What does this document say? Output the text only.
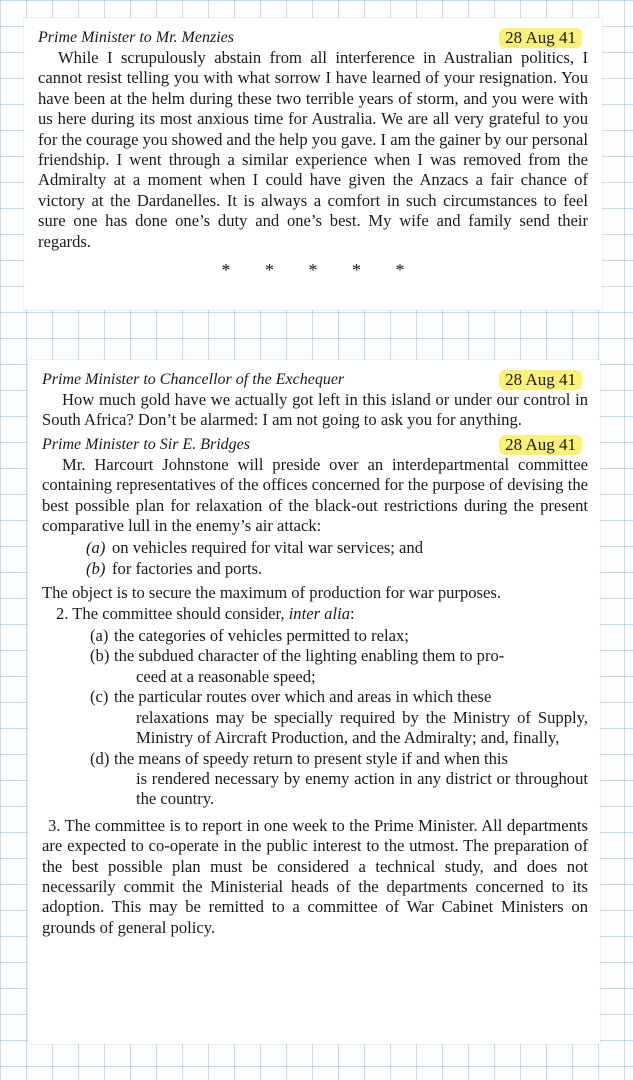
Prime Minister to Mr. Menzies	28 Aug 41

While I scrupulously abstain from all interference in Australian politics, I cannot resist telling you with what sorrow I have learned of your resignation. You have been at the helm during these two terrible years of storm, and you were with us here during its most anxious time for Australia. We are all very grateful to you for the courage you showed and the help you gave. I am the gainer by our personal friendship. I went through a similar experience when I was removed from the Admiralty at a moment when I could have given the Anzacs a fair chance of victory at the Dardanelles. It is always a comfort in such circumstances to feel sure one has done one’s duty and one’s best. My wife and family send their regards.

* * * * *
Prime Minister to Chancellor of the Exchequer	28 Aug 41

How much gold have we actually got left in this island or under our control in South Africa? Don’t be alarmed: I am not going to ask you for anything.

Prime Minister to Sir E. Bridges	28 Aug 41

Mr. Harcourt Johnstone will preside over an interdepartmental committee containing representatives of the offices concerned for the purpose of devising the best possible plan for relaxation of the black-out restrictions during the present comparative lull in the enemy’s air attack:

(a) on vehicles required for vital war services; and
(b) for factories and ports.

The object is to secure the maximum of production for war purposes.

2. The committee should consider, inter alia:

(a) the categories of vehicles permitted to relax;
(b) the subdued character of the lighting enabling them to pro-
ceed at a reasonable speed;
(c) the particular routes over which and areas in which these
relaxations may be specially required by the Ministry of Supply, Ministry of Aircraft Production, and the Admiralty; and, finally,
(d) the means of speedy return to present style if and when this
is rendered necessary by enemy action in any district or throughout the country.

3. The committee is to report in one week to the Prime Minister. All departments are expected to co-operate in the public interest to the utmost. The preparation of the best possible plan must be considered a technical study, and does not necessarily commit the Ministerial heads of the departments concerned to its adoption. This may be remitted to a committee of War Cabinet Ministers on grounds of general policy.
